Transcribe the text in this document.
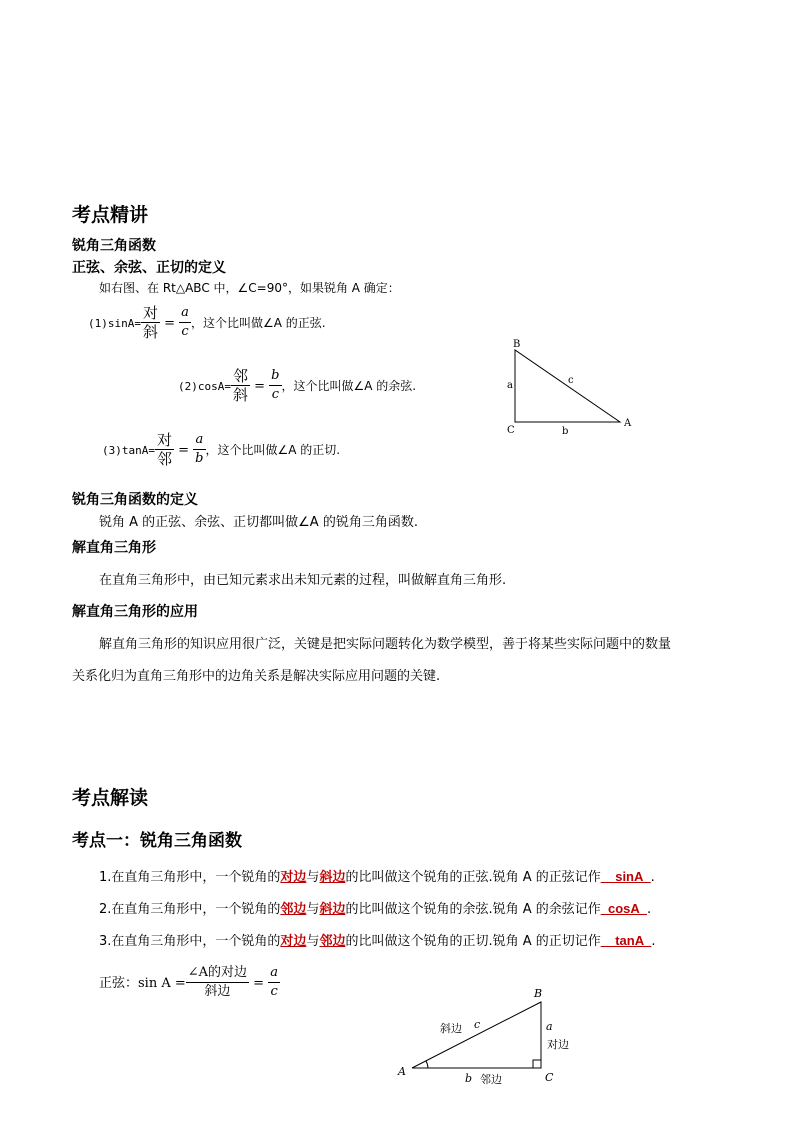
考点精讲
锐角三角函数
正弦、余弦、正切的定义
如右图、在 Rt△ABC 中，∠C=90°，如果锐角 A 确定：
$(1)\sin A= \frac{\text{对}}{\text{斜}} = \frac{a}{c}$ ，这个比叫做∠A 的正弦.
$(2)\cos A= \frac{\text{邻}}{\text{斜}} = \frac{b}{c}$ ，这个比叫做∠A 的余弦.
$(3)\tan A= \frac{\text{对}}{\text{邻}} = \frac{a}{b}$ ，这个比叫做∠A 的正切.
B
C
A
a
b
c
锐角三角函数的定义
锐角 A 的正弦、余弦、正切都叫做∠A 的锐角三角函数.
解直角三角形
在直角三角形中，由已知元素求出未知元素的过程，叫做解直角三角形.
解直角三角形的应用
解直角三角形的知识应用很广泛，关键是把实际问题转化为数学模型，善于将某些实际问题中的数量
关系化归为直角三角形中的边角关系是解决实际应用问题的关键.
考点解读
考点一：锐角三角函数
1.在直角三角形中，一个锐角的对边与斜边的比叫做这个锐角的正弦.锐角 A 的正弦记作__sinA_.
2.在直角三角形中，一个锐角的邻边与斜边的比叫做这个锐角的余弦.锐角 A 的余弦记作_cosA_.
3.在直角三角形中，一个锐角的对边与邻边的比叫做这个锐角的正切.锐角 A 的正切记作__tanA_.
正弦：$\sin A = \frac{\text{∠A的对边}}{\text{斜边}} = \frac{a}{c}$	B
A	C
a
b
c
对边
邻边
斜边
